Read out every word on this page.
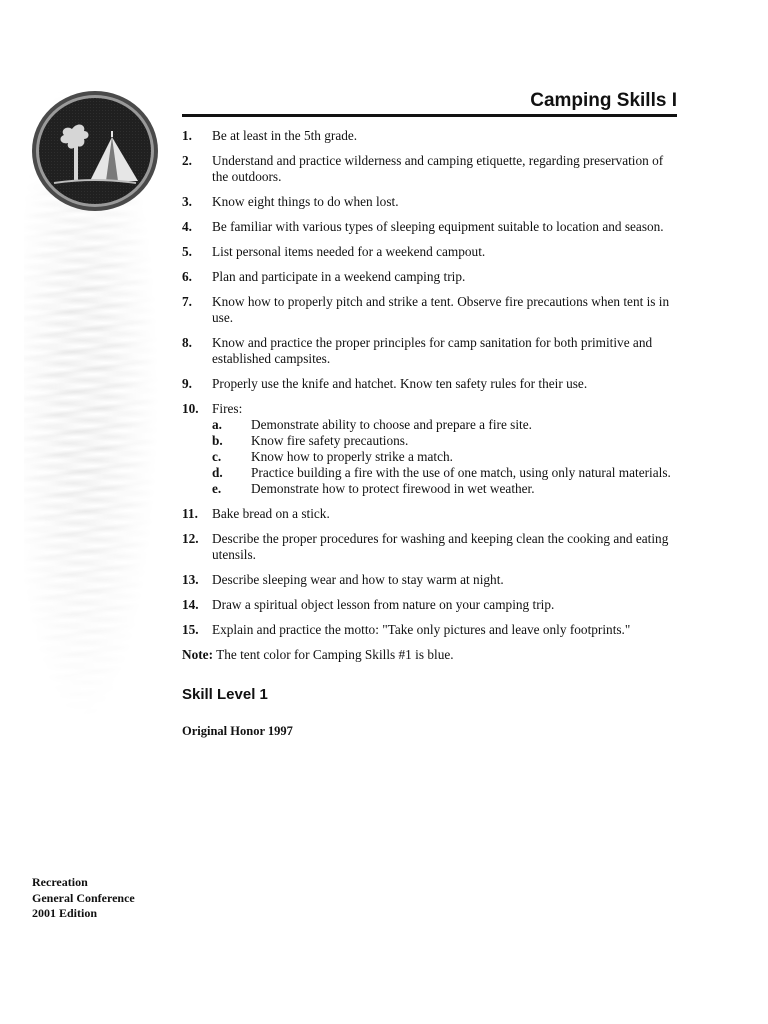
Camping Skills I
1.	Be at least in the 5th grade.
2.	Understand and practice wilderness and camping etiquette, regarding preservation of the outdoors.
3.	Know eight things to do when lost.
4.	Be familiar with various types of sleeping equipment suitable to location and season.
5.	List personal items needed for a weekend campout.
6.	Plan and participate in a weekend camping trip.
7.	Know how to properly pitch and strike a tent. Observe fire precautions when tent is in use.
8.	Know and practice the proper principles for camp sanitation for both primitive and established campsites.
9.	Properly use the knife and hatchet. Know ten safety rules for their use.
10.	Fires:
a.	Demonstrate ability to choose and prepare a fire site.
b.	Know fire safety precautions.
c.	Know how to properly strike a match.
d.	Practice building a fire with the use of one match, using only natural materials.
e.	Demonstrate how to protect firewood in wet weather.
11.	Bake bread on a stick.
12.	Describe the proper procedures for washing and keeping clean the cooking and eating utensils.
13.	Describe sleeping wear and how to stay warm at night.
14.	Draw a spiritual object lesson from nature on your camping trip.
15.	Explain and practice the motto: "Take only pictures and leave only footprints."
Note: The tent color for Camping Skills #1 is blue.
Skill Level 1
Original Honor 1997
Recreation
General Conference
2001 Edition
